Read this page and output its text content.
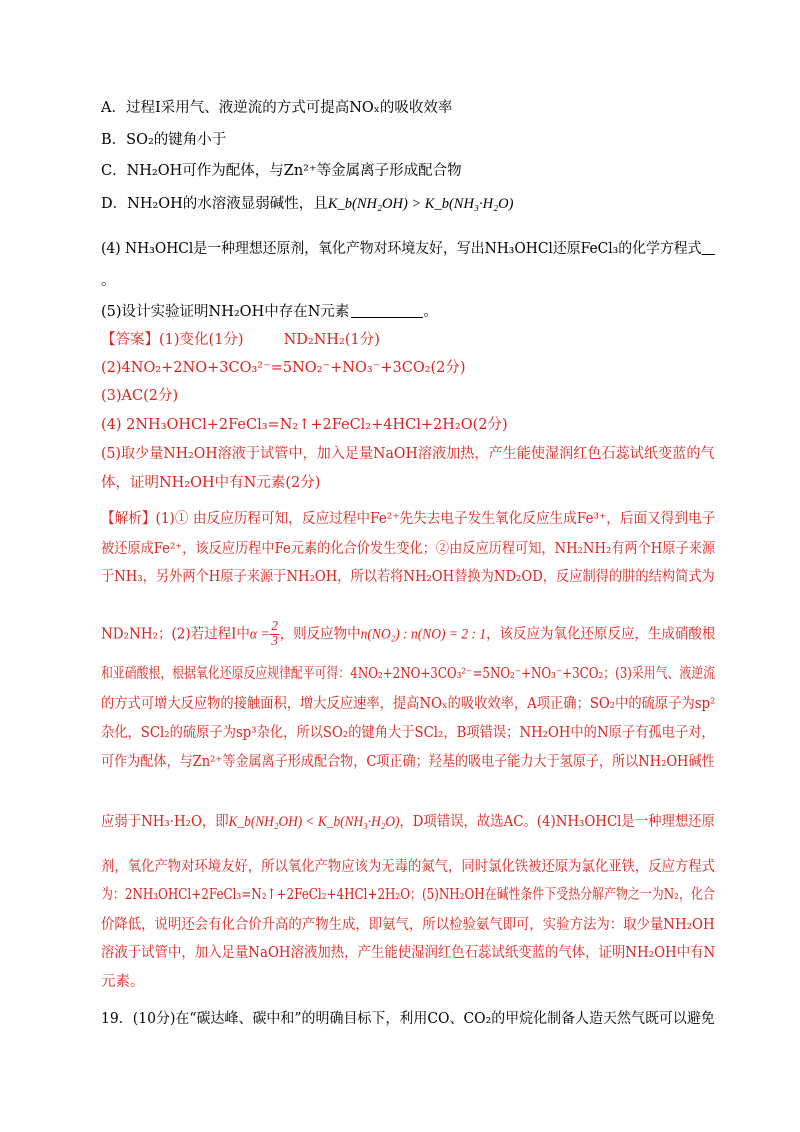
A．过程Ⅰ采用气、液逆流的方式可提高NOₓ的吸收效率
B．SO₂的键角小于
C．NH₂OH可作为配体，与Zn²⁺等金属离子形成配合物
D．NH₂OH的水溶液显弱碱性，且K_b(NH₂OH) > K_b(NH₃·H₂O)
(4) NH₃OHCl是一种理想还原剂，氧化产物对环境友好，写出NH₃OHCl还原FeCl₃的化学方程式
。
(5)设计实验证明NH₂OH中存在N元素	。
【答案】(1)变化(1分)	ND₂NH₂(1分)
(2)4NO₂+2NO+3CO₃²⁻=5NO₂⁻+NO₃⁻+3CO₂(2分)
(3)AC(2分)
(4) 2NH₃OHCl+2FeCl₃=N₂↑+2FeCl₂+4HCl+2H₂O(2分)
(5)取少量NH₂OH溶液于试管中，加入足量NaOH溶液加热，产生能使湿润红色石蕊试纸变蓝的气
体，证明NH₂OH中有N元素(2分)
【解析】(1)① 由反应历程可知，反应过程中Fe²⁺先失去电子发生氧化反应生成Fe³⁺，后面又得到电子
被还原成Fe²⁺，该反应历程中Fe元素的化合价发生变化；②由反应历程可知，NH₂NH₂有两个H原子来源
于NH₃，另外两个H原子来源于NH₂OH，所以若将NH₂OH替换为ND₂OD，反应制得的肼的结构简式为
ND₂NH₂；(2)若过程Ⅰ中$\alpha = \frac{2}{3}$ ，则反应物中n(NO₂) : n(NO) = 2 : 1，该反应为氧化还原反应，生成硝酸根
和亚硝酸根，根据氧化还原反应规律配平可得：4NO₂+2NO+3CO₃²⁻=5NO₂⁻+NO₃⁻+3CO₂；(3)采用气、液逆流
的方式可增大反应物的接触面积，增大反应速率，提高NOₓ的吸收效率，A项正确；SO₂中的硫原子为sp²
杂化，SCl₂的硫原子为sp³杂化，所以SO₂的键角大于SCl₂，B项错误；NH₂OH中的N原子有孤电子对，
可作为配体，与Zn²⁺等金属离子形成配合物，C项正确；羟基的吸电子能力大于氢原子，所以NH₂OH碱性
应弱于NH₃·H₂O，即K_b(NH₂OH) < K_b(NH₃·H₂O)，D项错误，故选AC。(4)NH₃OHCl是一种理想还原
剂，氧化产物对环境友好，所以氧化产物应该为无毒的氮气，同时氯化铁被还原为氯化亚铁，反应方程式
为：2NH₃OHCl+2FeCl₃=N₂↑+2FeCl₂+4HCl+2H₂O；(5)NH₂OH在碱性条件下受热分解产物之一为N₂，化合
价降低，说明还会有化合价升高的产物生成，即氨气，所以检验氨气即可，实验方法为：取少量NH₂OH
溶液于试管中，加入足量NaOH溶液加热，产生能使湿润红色石蕊试纸变蓝的气体，证明NH₂OH中有N
元素。
19．(10分)在“碳达峰、碳中和”的明确目标下，利用CO、CO₂的甲烷化制备人造天然气既可以避免
